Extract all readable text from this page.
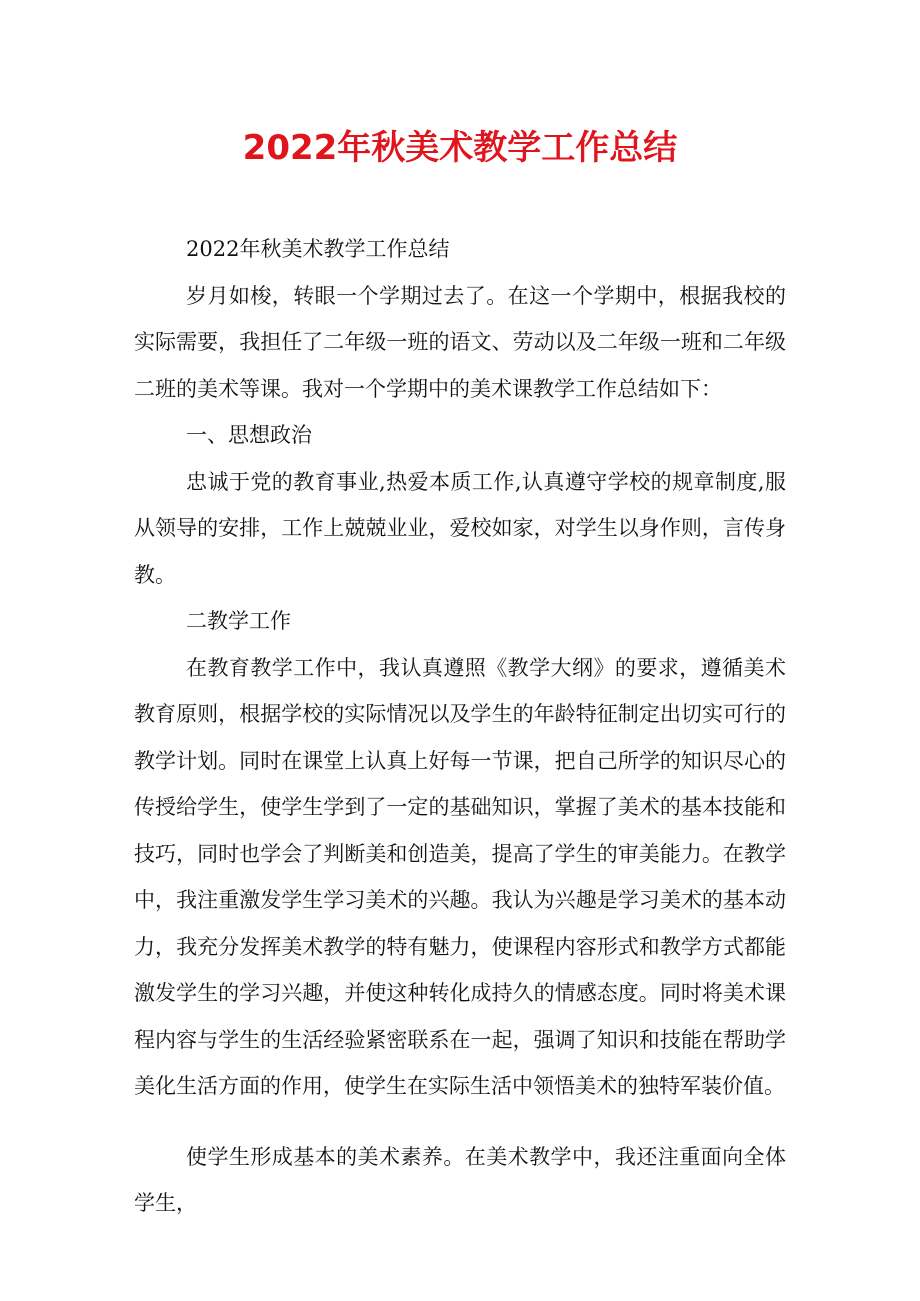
2022年秋美术教学工作总结

2022年秋美术教学工作总结

岁月如梭，转眼一个学期过去了。在这一个学期中，根据我校的实际需要，我担任了二年级一班的语文、劳动以及二年级一班和二年级二班的美术等课。我对一个学期中的美术课教学工作总结如下：

一、思想政治

忠诚于党的教育事业,热爱本质工作,认真遵守学校的规章制度,服从领导的安排，工作上兢兢业业，爱校如家，对学生以身作则，言传身教。

二教学工作

在教育教学工作中，我认真遵照《教学大纲》的要求，遵循美术教育原则，根据学校的实际情况以及学生的年龄特征制定出切实可行的教学计划。同时在课堂上认真上好每一节课，把自己所学的知识尽心的传授给学生，使学生学到了一定的基础知识，掌握了美术的基本技能和技巧，同时也学会了判断美和创造美，提高了学生的审美能力。在教学中，我注重激发学生学习美术的兴趣。我认为兴趣是学习美术的基本动力，我充分发挥美术教学的特有魅力，使课程内容形式和教学方式都能激发学生的学习兴趣，并使这种转化成持久的情感态度。同时将美术课程内容与学生的生活经验紧密联系在一起，强调了知识和技能在帮助学美化生活方面的作用，使学生在实际生活中领悟美术的独特军装价值。

使学生形成基本的美术素养。在美术教学中，我还注重面向全体学生，
